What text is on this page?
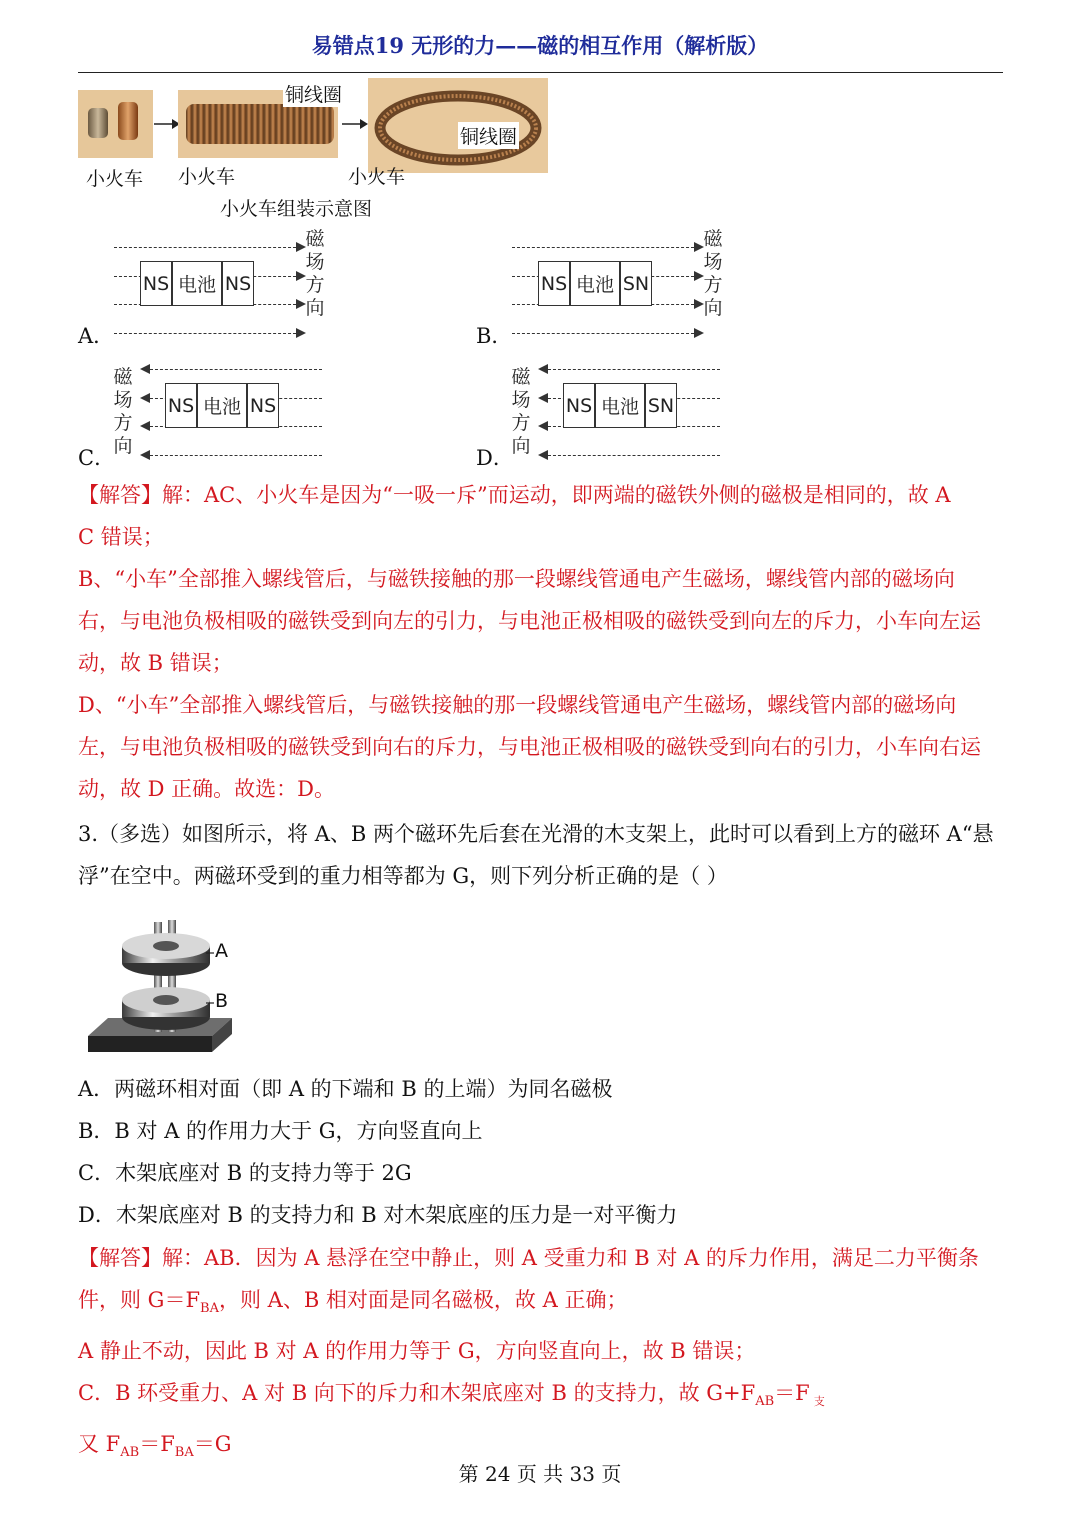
易错点19 无形的力——磁的相互作用（解析版）
铜线圈
铜线圈
小火车 小火车	小火车
小火车组装示意图
NS 电池 NS
磁
场
方
向
A．
NS 电池 SN
磁
场
方
向
B．
NS 电池 NS
磁
场
方
向
C．
NS 电池 SN
磁
场
方
向
D．
【解答】解：AC、小火车是因为“一吸一斥”而运动，即两端的磁铁外侧的磁极是相同的，故 A
C 错误；
B、“小车”全部推入螺线管后，与磁铁接触的那一段螺线管通电产生磁场，螺线管内部的磁场向
右，与电池负极相吸的磁铁受到向左的引力，与电池正极相吸的磁铁受到向左的斥力，小车向左运
动，故 B 错误；
D、“小车”全部推入螺线管后，与磁铁接触的那一段螺线管通电产生磁场，螺线管内部的磁场向
左，与电池负极相吸的磁铁受到向右的斥力，与电池正极相吸的磁铁受到向右的引力，小车向右运
动，故 D 正确。故选：D。
3.（多选）如图所示，将 A、B 两个磁环先后套在光滑的木支架上，此时可以看到上方的磁环 A“悬
浮”在空中。两磁环受到的重力相等都为 G，则下列分析正确的是（ ）
A
B
A．两磁环相对面（即 A 的下端和 B 的上端）为同名磁极
B．B 对 A 的作用力大于 G，方向竖直向上
C．木架底座对 B 的支持力等于 2G
D．木架底座对 B 的支持力和 B 对木架底座的压力是一对平衡力
【解答】解：AB．因为 A 悬浮在空中静止，则 A 受重力和 B 对 A 的斥力作用，满足二力平衡条
件，则 $G=F_{BA}$，则 A、B 相对面是同名磁极，故 A 正确；
A 静止不动，因此 B 对 A 的作用力等于 G，方向竖直向上，故 B 错误；
C．B 环受重力、A 对 B 向下的斥力和木架底座对 B 的支持力，故 $G+F_{AB}=F$ $_支$
又 $F_{AB}=F_{BA}=G$
第 24 页 共 33 页
